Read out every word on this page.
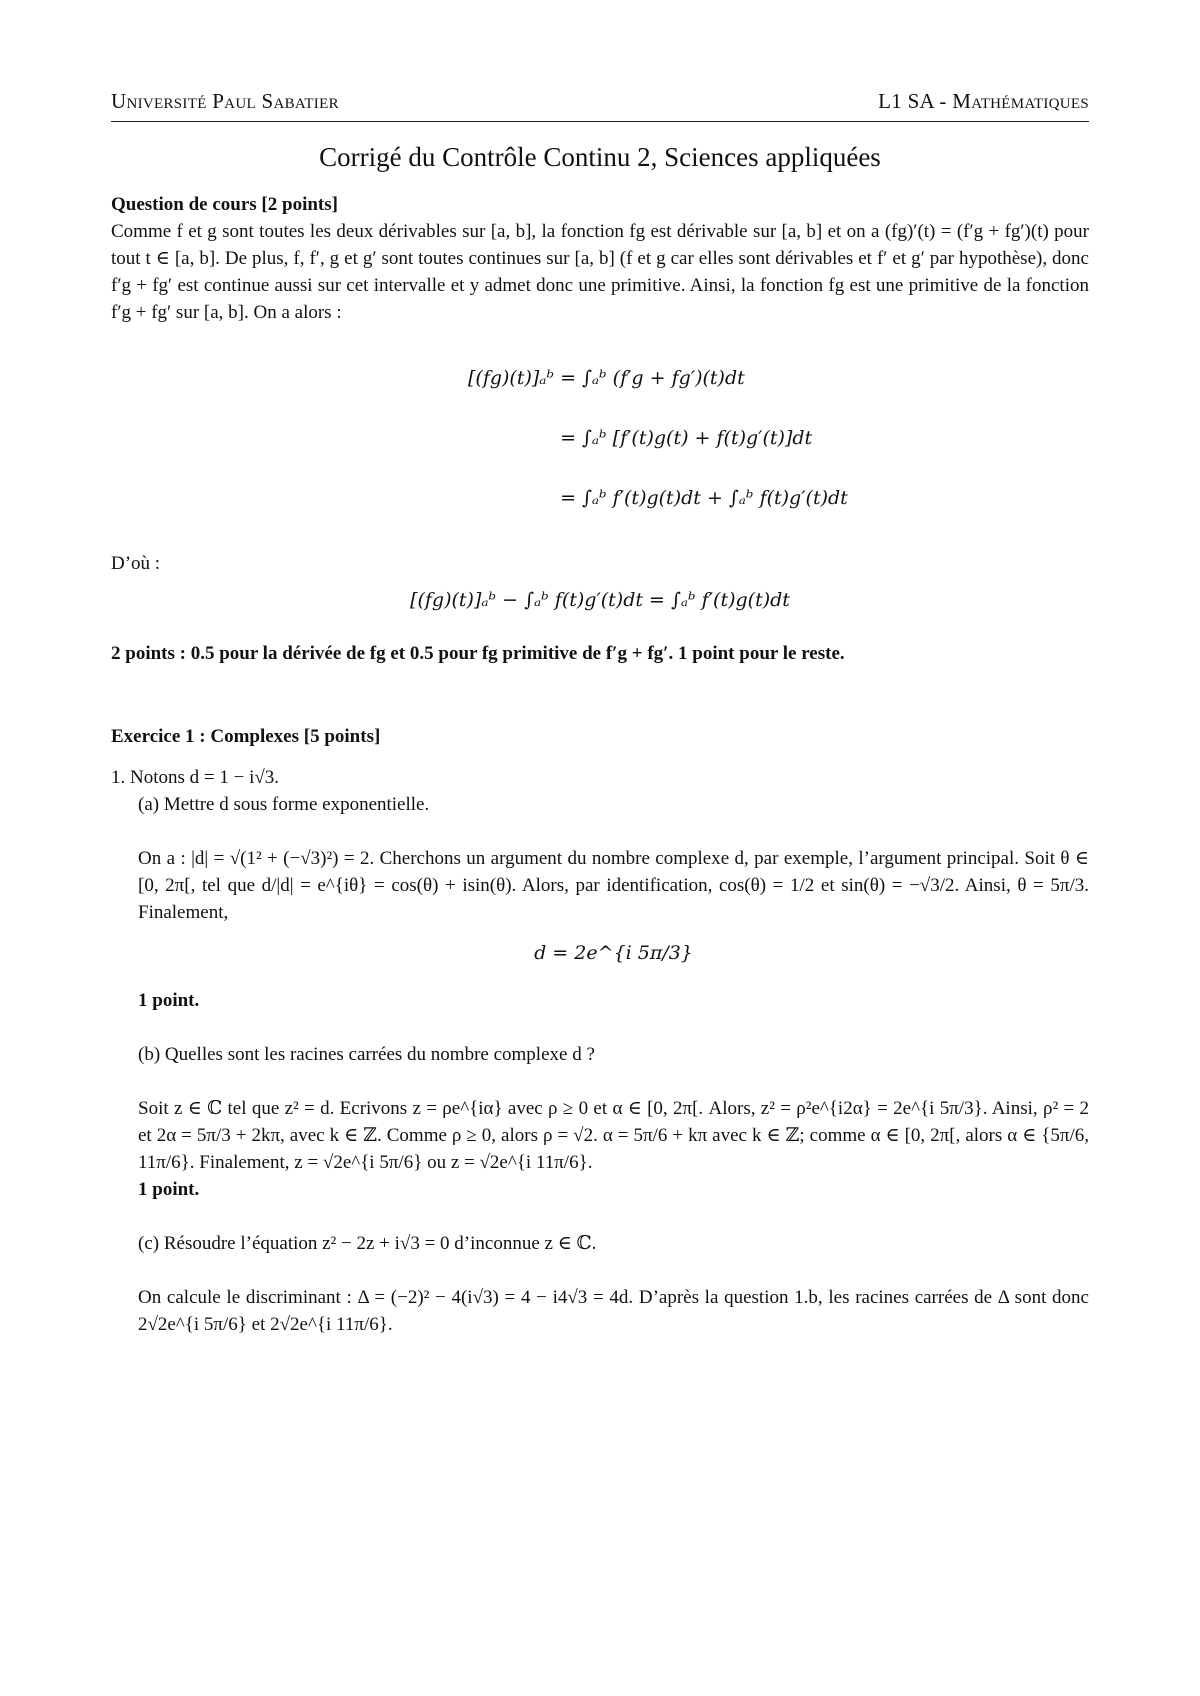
Université Paul Sabatier	L1 SA - Mathématiques
Corrigé du Contrôle Continu 2, Sciences appliquées
Question de cours [2 points]

Comme f et g sont toutes les deux dérivables sur [a, b], la fonction fg est dérivable sur [a, b] et on a (fg)′(t) = (f′g + fg′)(t) pour tout t ∈ [a, b]. De plus, f, f′, g et g′ sont toutes continues sur [a, b] (f et g car elles sont dérivables et f′ et g′ par hypothèse), donc f′g + fg′ est continue aussi sur cet intervalle et y admet donc une primitive. Ainsi, la fonction fg est une primitive de la fonction f′g + fg′ sur [a, b]. On a alors :

[(fg)(t)]ₐᵇ = ∫ₐᵇ (f′g + fg′)(t)dt
= ∫ₐᵇ [f′(t)g(t) + f(t)g′(t)]dt
= ∫ₐᵇ f′(t)g(t)dt + ∫ₐᵇ f(t)g′(t)dt

D’où :

[(fg)(t)]ₐᵇ − ∫ₐᵇ f(t)g′(t)dt = ∫ₐᵇ f′(t)g(t)dt

2 points : 0.5 pour la dérivée de fg et 0.5 pour fg primitive de f′g + fg′. 1 point pour le reste.

Exercice 1 : Complexes [5 points]

1. Notons d = 1 − i√3.

(a) Mettre d sous forme exponentielle.

On a : |d| = √(1² + (−√3)²) = 2. Cherchons un argument du nombre complexe d, par exemple, l’argument principal. Soit θ ∈ [0, 2π[, tel que d/|d| = e^{iθ} = cos(θ) + isin(θ). Alors, par identification, cos(θ) = 1/2 et sin(θ) = −√3/2. Ainsi, θ = 5π/3. Finalement,

d = 2e^{i 5π/3}

1 point.

(b) Quelles sont les racines carrées du nombre complexe d ?

Soit z ∈ ℂ tel que z² = d. Ecrivons z = ρe^{iα} avec ρ ≥ 0 et α ∈ [0, 2π[. Alors, z² = ρ²e^{i2α} = 2e^{i 5π/3}. Ainsi, ρ² = 2 et 2α = 5π/3 + 2kπ, avec k ∈ ℤ. Comme ρ ≥ 0, alors ρ = √2. α = 5π/6 + kπ avec k ∈ ℤ; comme α ∈ [0, 2π[, alors α ∈ {5π/6, 11π/6}. Finalement, z = √2e^{i 5π/6} ou z = √2e^{i 11π/6}.

1 point.

(c) Résoudre l’équation z² − 2z + i√3 = 0 d’inconnue z ∈ ℂ.

On calcule le discriminant : Δ = (−2)² − 4(i√3) = 4 − i4√3 = 4d. D’après la question 1.b, les racines carrées de Δ sont donc 2√2e^{i 5π/6} et 2√2e^{i 11π/6}.
